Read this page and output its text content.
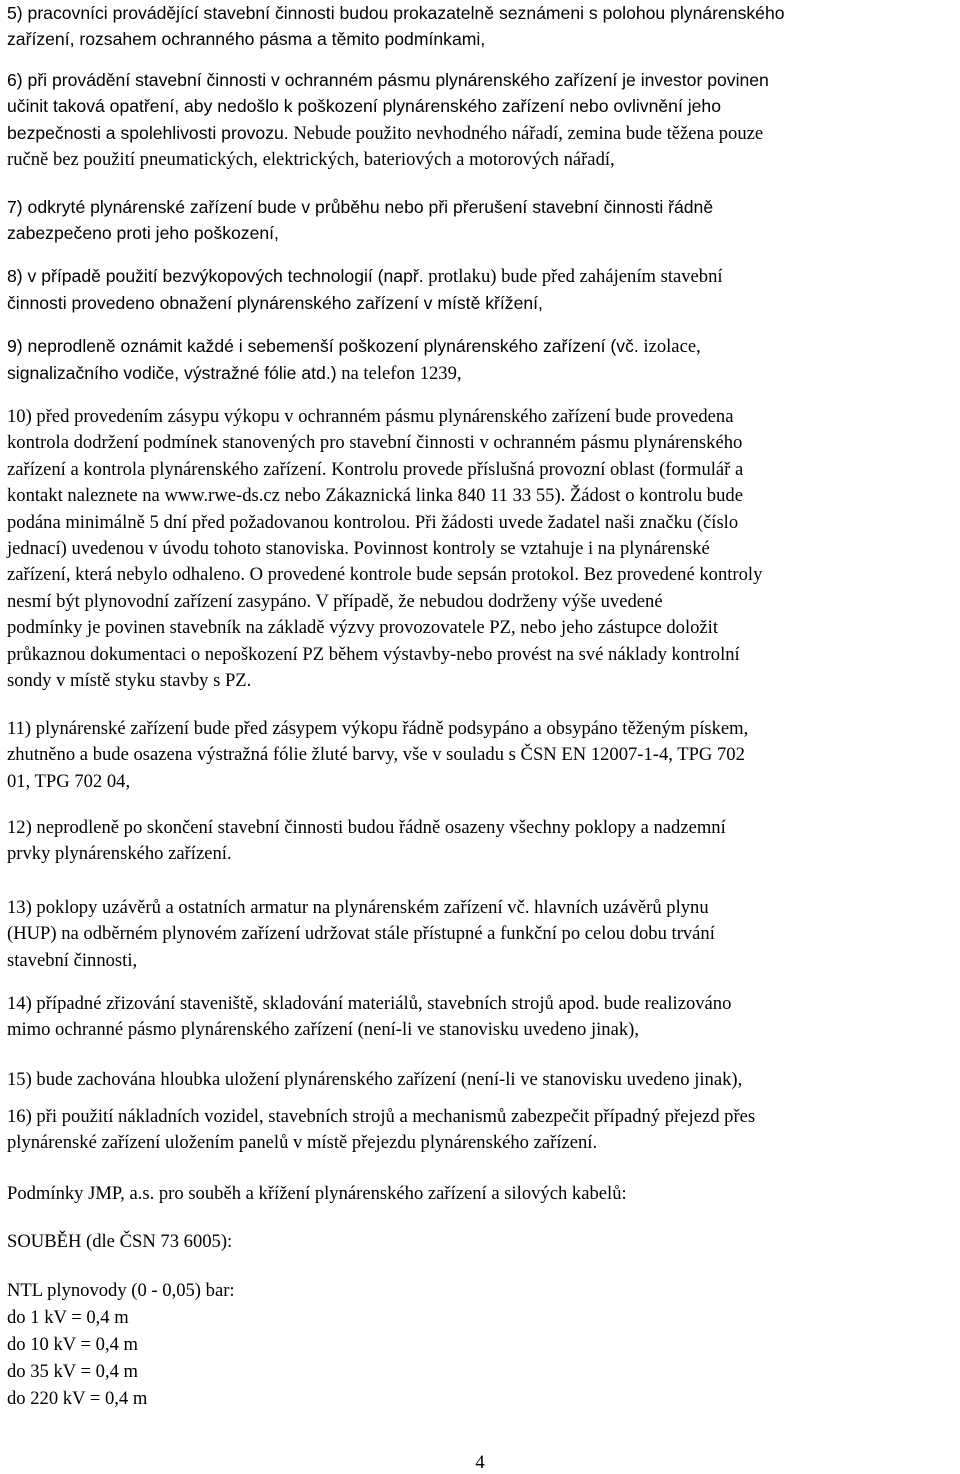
5) pracovníci provádějící stavební činnosti budou prokazatelně seznámeni s polohou plynárenského
zařízení, rozsahem ochranného pásma a těmito podmínkami,
6) při provádění stavební činnosti v ochranném pásmu plynárenského zařízení je investor povinen
učinit taková opatření, aby nedošlo k poškození plynárenského zařízení nebo ovlivnění jeho
bezpečnosti a spolehlivosti provozu. Nebude použito nevhodného nářadí, zemina bude těžena pouze
ručně bez použití pneumatických, elektrických, bateriových a motorových nářadí,
7) odkryté plynárenské zařízení bude v průběhu nebo při přerušení stavební činnosti řádně
zabezpečeno proti jeho poškození,
8) v případě použití bezvýkopových technologií (např. protlaku) bude před zahájením stavební
činnosti provedeno obnažení plynárenského zařízení v místě křížení,
9) neprodleně oznámit každé i sebemenší poškození plynárenského zařízení (vč. izolace,
signalizačního vodiče, výstražné fólie atd.) na telefon 1239,
10) před provedením zásypu výkopu v ochranném pásmu plynárenského zařízení bude provedena
kontrola dodržení podmínek stanovených pro stavební činnosti v ochranném pásmu plynárenského
zařízení a kontrola plynárenského zařízení. Kontrolu provede příslušná provozní oblast (formulář a
kontakt naleznete na www.rwe-ds.cz nebo Zákaznická linka 840 11 33 55). Žádost o kontrolu bude
podána minimálně 5 dní před požadovanou kontrolou. Při žádosti uvede žadatel naši značku (číslo
jednací) uvedenou v úvodu tohoto stanoviska. Povinnost kontroly se vztahuje i na plynárenské
zařízení, která nebylo odhaleno. O provedené kontrole bude sepsán protokol. Bez provedené kontroly
nesmí být plynovodní zařízení zasypáno. V případě, že nebudou dodrženy výše uvedené
podmínky je povinen stavebník na základě výzvy provozovatele PZ, nebo jeho zástupce doložit
průkaznou dokumentaci o nepoškození PZ během výstavby-nebo provést na své náklady kontrolní
sondy v místě styku stavby s PZ.
11) plynárenské zařízení bude před zásypem výkopu řádně podsypáno a obsypáno těženým pískem,
zhutněno a bude osazena výstražná fólie žluté barvy, vše v souladu s ČSN EN 12007-1-4, TPG 702
01, TPG 702 04,
12) neprodleně po skončení stavební činnosti budou řádně osazeny všechny poklopy a nadzemní
prvky plynárenského zařízení.
13) poklopy uzávěrů a ostatních armatur na plynárenském zařízení vč. hlavních uzávěrů plynu
(HUP) na odběrném plynovém zařízení udržovat stále přístupné a funkční po celou dobu trvání
stavební činnosti,
14) případné zřizování staveniště, skladování materiálů, stavebních strojů apod. bude realizováno
mimo ochranné pásmo plynárenského zařízení (není-li ve stanovisku uvedeno jinak),
15) bude zachována hloubka uložení plynárenského zařízení (není-li ve stanovisku uvedeno jinak),
16) při použití nákladních vozidel, stavebních strojů a mechanismů zabezpečit případný přejezd přes
plynárenské zařízení uložením panelů v místě přejezdu plynárenského zařízení.
Podmínky JMP, a.s. pro souběh a křížení plynárenského zařízení a silových kabelů:
SOUBĚH (dle ČSN 73 6005):
NTL plynovody (0 - 0,05) bar:
do 1 kV = 0,4 m
do 10 kV = 0,4 m
do 35 kV = 0,4 m
do 220 kV = 0,4 m
4
